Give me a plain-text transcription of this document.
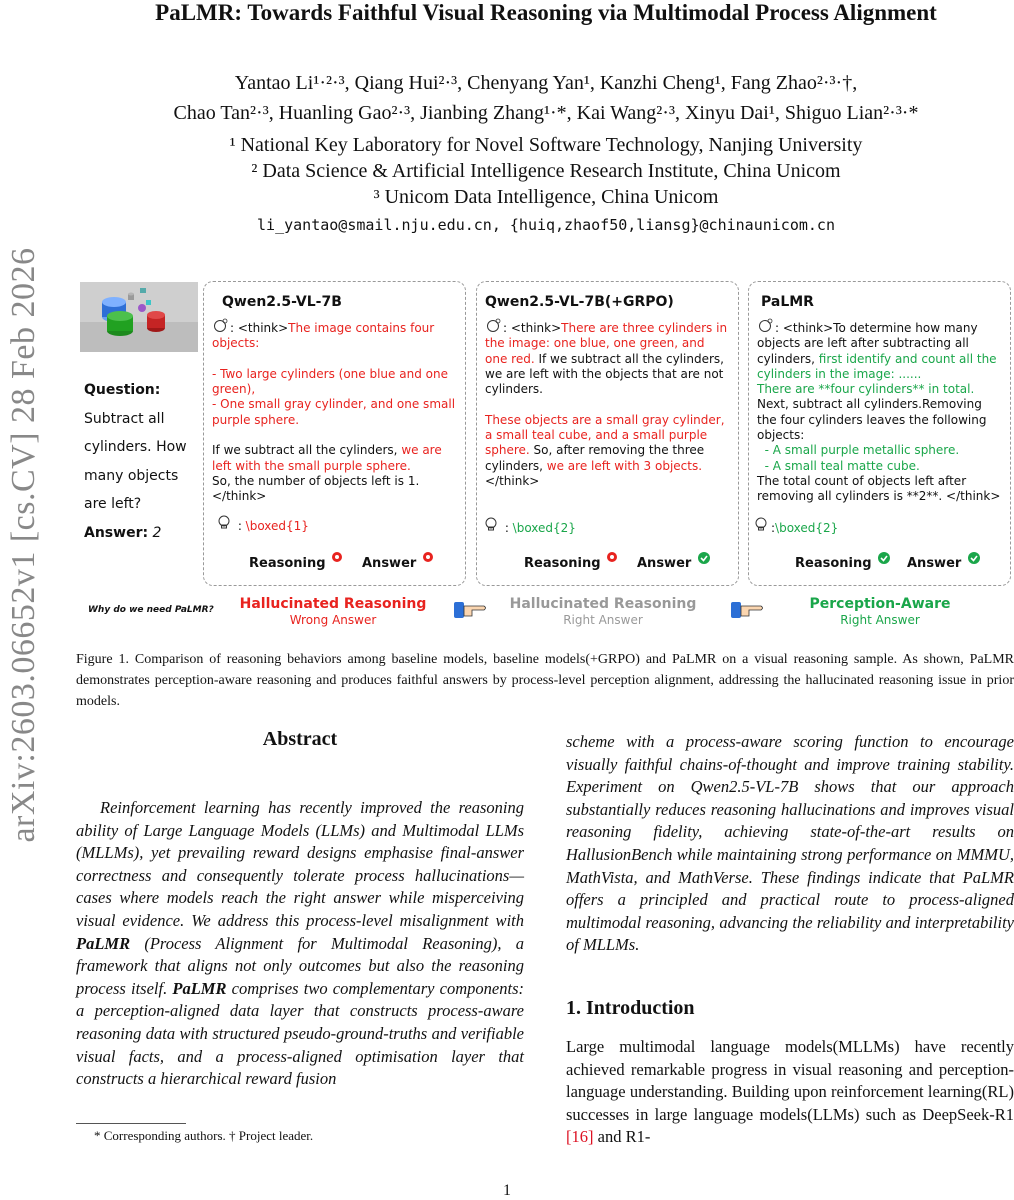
arXiv:2603.06652v1 [cs.CV] 28 Feb 2026
PaLMR: Towards Faithful Visual Reasoning via Multimodal Process Alignment
Yantao Li¹·²·³, Qiang Hui²·³, Chenyang Yan¹, Kanzhi Cheng¹, Fang Zhao²·³·†,
Chao Tan²·³, Huanling Gao²·³, Jianbing Zhang¹·*, Kai Wang²·³, Xinyu Dai¹, Shiguo Lian²·³·*
¹ National Key Laboratory for Novel Software Technology, Nanjing University
² Data Science & Artificial Intelligence Research Institute, China Unicom
³ Unicom Data Intelligence, China Unicom
li_yantao@smail.nju.edu.cn, {huiq,zhaof50,liansg}@chinaunicom.cn
Question:
Subtract all cylinders. How many objects are left?
Answer: 2
Qwen2.5-VL-7B
: <think>The image contains four objects:

- Two large cylinders (one blue and one green),
- One small gray cylinder, and one small purple sphere.

If we subtract all the cylinders, we are left with the small purple sphere.
So, the number of objects left is 1.
</think>
: \boxed{1}
Reasoning	Answer
Qwen2.5-VL-7B(+GRPO)
: <think>There are three cylinders in the image: one blue, one green, and one red. If we subtract all the cylinders, we are left with the objects that are not cylinders.

These objects are a small gray cylinder, a small teal cube, and a small purple sphere. So, after removing the three cylinders, we are left with 3 objects.
</think>
: \boxed{2}
Reasoning	Answer
PaLMR
: <think>To determine how many objects are left after subtracting all cylinders, first identify and count all the cylinders in the image: ......
There are **four cylinders** in total.
Next, subtract all cylinders.Removing the four cylinders leaves the following objects:
- A small purple metallic sphere.
- A small teal matte cube.
The total count of objects left after removing all cylinders is **2**. </think>
:\boxed{2}
Reasoning	Answer
Why do we need PaLMR?	Hallucinated Reasoning
Wrong Answer
Hallucinated Reasoning
Right Answer
Perception-Aware
Right Answer
Figure 1. Comparison of reasoning behaviors among baseline models, baseline models(+GRPO) and PaLMR on a visual reasoning sample. As shown, PaLMR demonstrates perception-aware reasoning and produces faithful answers by process-level perception alignment, addressing the hallucinated reasoning issue in prior models.
Abstract
Reinforcement learning has recently improved the reasoning ability of Large Language Models (LLMs) and Multimodal LLMs (MLLMs), yet prevailing reward designs emphasise final-answer correctness and consequently tolerate process hallucinations—cases where models reach the right answer while misperceiving visual evidence. We address this process-level misalignment with PaLMR (Process Alignment for Multimodal Reasoning), a framework that aligns not only outcomes but also the reasoning process itself. PaLMR comprises two complementary components: a perception-aligned data layer that constructs process-aware reasoning data with structured pseudo-ground-truths and verifiable visual facts, and a process-aligned optimisation layer that constructs a hierarchical reward fusion
scheme with a process-aware scoring function to encourage visually faithful chains-of-thought and improve training stability. Experiment on Qwen2.5-VL-7B shows that our approach substantially reduces reasoning hallucinations and improves visual reasoning fidelity, achieving state-of-the-art results on HallusionBench while maintaining strong performance on MMMU, MathVista, and MathVerse. These findings indicate that PaLMR offers a principled and practical route to process-aligned multimodal reasoning, advancing the reliability and interpretability of MLLMs.
1. Introduction
Large multimodal language models(MLLMs) have recently achieved remarkable progress in visual reasoning and perception-language understanding. Building upon reinforcement learning(RL) successes in large language models(LLMs) such as DeepSeek-R1 [16] and R1-
* Corresponding authors. † Project leader.
1
